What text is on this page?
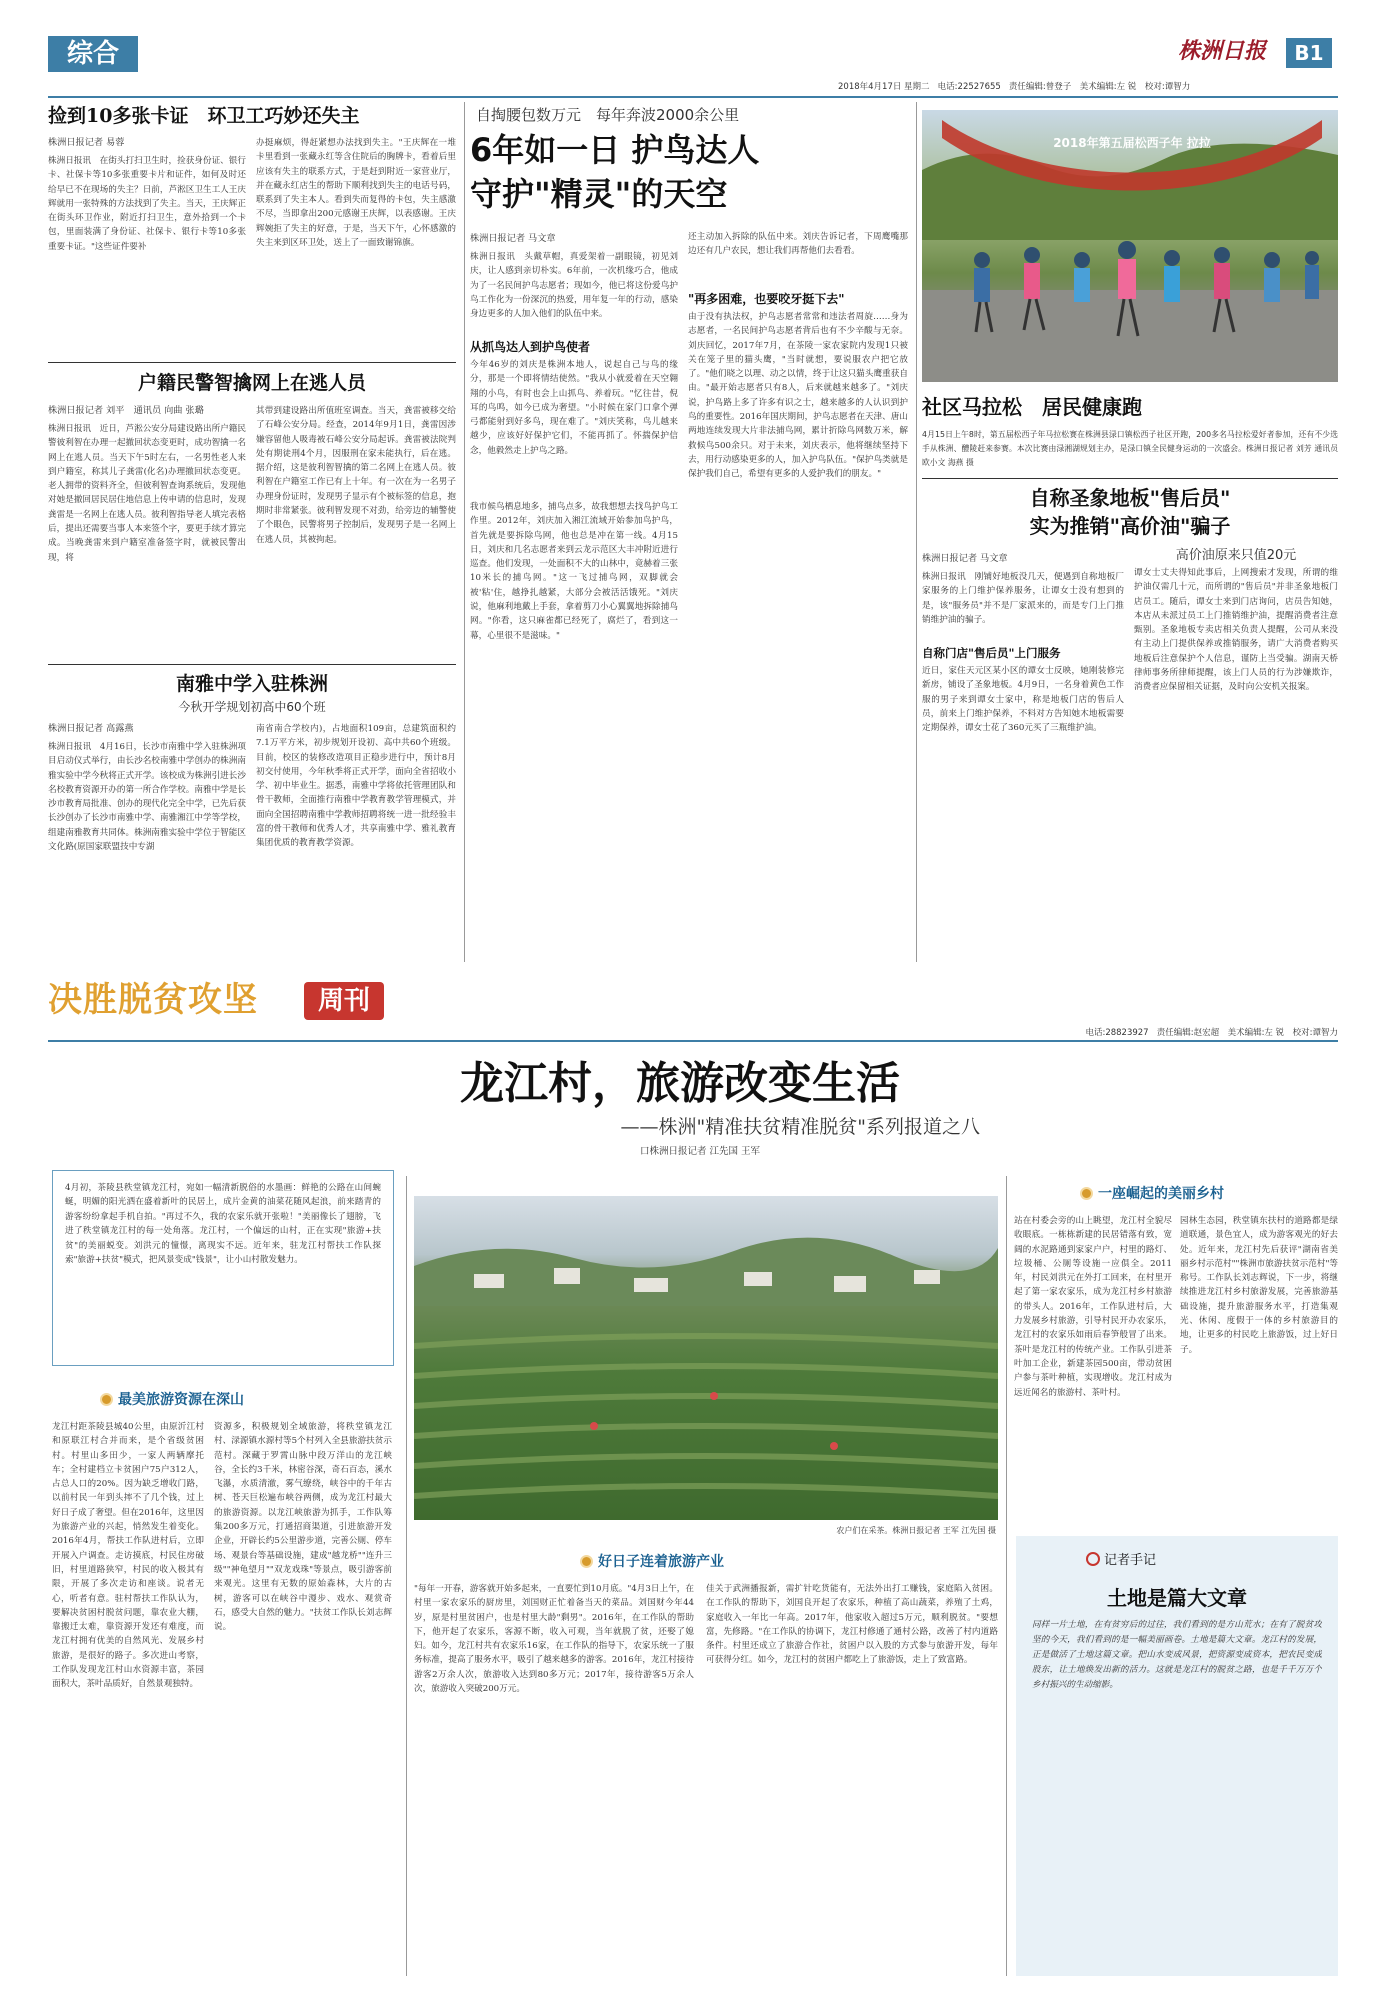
综合	株洲日报	B1
2018年4月17日 星期二 电话:22527655 责任编辑:曾登子　美术编辑:左 锐　校对:谭智力
捡到10多张卡证　环卫工巧妙还失主
株洲日报记者 易蓉
株洲日报讯　在街头打扫卫生时，捡获身份证、银行卡、社保卡等10多张重要卡片和证件，如何及时还给早已不在现场的失主？日前，芦淞区卫生工人王庆辉就用一张特殊的方法找到了失主。当天，王庆辉正在街头环卫作业，附近打扫卫生，意外拾到一个卡包，里面装满了身份证、社保卡、银行卡等10多张重要卡证。"这些证件要补
办挺麻烦，得赶紧想办法找到失主。"王庆辉在一堆卡里看到一张藏永红等含住院后的胸牌卡，看着后里应该有失主的联系方式，于是赶到附近一家营业厅，并在藏永红店生的帮助下顺利找到失主的电话号码，联系到了失主本人。看到失而复得的卡包，失主感激不尽，当即拿出200元感谢王庆辉，以表感谢。王庆辉婉拒了失主的好意，于是，当天下午，心怀感激的失主来到区环卫处，送上了一面致谢锦旗。
户籍民警智擒网上在逃人员
株洲日报记者 刘平　通讯员 向曲 张璐
株洲日报讯　近日，芦淞公安分局建设路出所户籍民警彼利智在办理一起撤回状态变更时，成功智擒一名网上在逃人员。当天下午5时左右，一名男性老人来到户籍室，称其儿子龚雷(化名)办理撤回状态变更。老人拥带的资料齐全，但彼利智查询系统后，发现他对她是撤回居民居住地信息上传申请的信息时，发现龚雷是一名网上在逃人员。彼利智指导老人填完表格后，提出还需要当事人本来签个字，要更手续才算完成。当晚龚雷来到户籍室准备签字时，就被民警出现，将
其带到建设路出所值班室调查。当天，龚雷被移交给了石峰公安分局。经查，2014年9月1日，龚雷因涉嫌容留他人吸毒被石峰公安分局起诉。龚雷被法院判处有期徒刑4个月，因服刑在家未能执行，后在逃。据介绍，这是彼利智智擒的第二名网上在逃人员。彼利智在户籍室工作已有上十年。有一次在为一名男子办理身份证时，发现男子显示有个被标签的信息，抱期时非常紧张。彼利智发现不对劲，给旁边的辅警使了个眼色，民警将男子控制后，发现男子是一名网上在逃人员，其被拘起。
南雅中学入驻株洲
今秋开学规划初高中60个班
株洲日报记者 高露燕
株洲日报讯　4月16日，长沙市南雅中学入驻株洲项目启动仪式举行，由长沙名校南雅中学创办的株洲南雅实验中学今秋将正式开学。该校成为株洲引进长沙名校教育资源开办的第一所合作学校。南雅中学是长沙市教育局批准、创办的现代化完全中学，已先后获长沙创办了长沙市南雅中学、南雅湘江中学等学校，组建南雅教育共同体。株洲南雅实验中学位于智能区文化路(原国家联盟技中专湖
南省南合学校内)，占地面积109亩，总建筑面积约7.1万平方米，初步规划开设初、高中共60个班级。目前，校区的装修改造项目正稳步进行中，预计8月初交付使用，今年秋季将正式开学，面向全省招收小学、初中毕业生。据悉，南雅中学将依托管理团队和骨干教师，全面推行南雅中学教育教学管理模式，并面向全国招聘南雅中学教师招聘将统一进一批经验丰富的骨干教师和优秀人才，共享南雅中学、雅礼教育集团优质的教育教学资源。
自掏腰包数万元　每年奔波2000余公里
6年如一日 护鸟达人
守护"精灵"的天空
株洲日报记者 马文章
株洲日报讯　头戴草帽，真爱架着一副眼镜，初见刘庆，让人感到亲切朴实。6年前，一次机缘巧合，他成为了一名民间护鸟志愿者；现如今，他已将这份爱鸟护鸟工作化为一份深沉的热爱，用年复一年的行动，感染身边更多的人加入他们的队伍中来。
从抓鸟达人到护鸟使者
今年46岁的刘庆是株洲本地人，说起自己与鸟的缘分，那是一个即将情结使然。"我从小就爱着在天空翱翔的小鸟，有时也会上山抓鸟、养着玩。"忆往昔，倪耳的鸟鸣，如今已成为奢望。"小时候在家门口拿个弹弓都能射到好多鸟，现在难了。"刘庆笑称，鸟儿越来越少，应该好好保护它们，不能再抓了。怀揣保护信念，他毅然走上护鸟之路。
我市候鸟栖息地多，捕鸟点多，故我想想去找鸟护鸟工作里。2012年，刘庆加入湘江流域开始参加鸟护鸟，首先就是要拆除鸟网，他也总是冲在第一线。4月15日，刘庆和几名志愿者来到云龙示范区大丰冲附近进行巡查。他们发现，一处面积不大的山林中，竟赫着三张10米长的捕鸟网。"这一飞过捕鸟网，双脚就会被'粘'住，越挣扎越紧，大部分会被活活饿死。"刘庆说，他麻利地戴上手套，拿着剪刀小心翼翼地拆除捕鸟网。"你看，这只麻雀都已经死了，腐烂了，看到这一幕，心里很不是滋味。"
还主动加入拆除的队伍中来。刘庆告诉记者，下周鹰嘴那边还有几户农民，想让我们再帮他们去看看。
"再多困难，也要咬牙挺下去"
由于没有执法权，护鸟志愿者常常和违法者周旋……身为志愿者，一名民间护鸟志愿者背后也有不少辛酸与无奈。刘庆回忆，2017年7月，在茶陵一家农家院内发现1只被关在笼子里的猫头鹰，"当时就想，要说服农户把它放了。"他们晓之以理、动之以情，终于让这只猫头鹰重获自由。"最开始志愿者只有8人，后来就越来越多了。"刘庆说，护鸟路上多了许多有识之士，越来越多的人认识到护鸟的重要性。2016年国庆期间，护鸟志愿者在天津、唐山两地连续发现大片非法捕鸟网，累计折除鸟网数万米，解救候鸟500余只。对于未来，刘庆表示，他将继续坚持下去，用行动感染更多的人，加入护鸟队伍。"保护鸟类就是保护我们自己，希望有更多的人爱护我们的朋友。"
2018年第五届松西子年 拉拉
社区马拉松　居民健康跑
4月15日上午8时，第五届松西子年马拉松赛在株洲县渌口镇松西子社区开跑，200多名马拉松爱好者参加，还有不少选手从株洲、醴陵赶来参赛。本次比赛由渌湘湖规划主办，是渌口镇全民健身运动的一次盛会。株洲日报记者 刘芳 通讯员 欧小文 海燕 摄
自称圣象地板"售后员"
实为推销"高价油"骗子
株洲日报记者 马文章
株洲日报讯　刚铺好地板没几天，便遇到自称地板厂家服务的上门维护保养服务，让谭女士没有想到的是，该"服务员"并不是厂家派来的，而是专门上门推销维护油的骗子。
自称门店"售后员"上门服务
近日，家住天元区某小区的谭女士反映，她刚装修完新房，铺设了圣象地板。4月9日，一名身着黄色工作服的男子来到谭女士家中，称是地板门店的售后人员，前来上门维护保养，不料对方告知她木地板需要定期保养，谭女士花了360元买了三瓶维护油。
高价油原来只值20元
谭女士丈夫得知此事后，上网搜索才发现，所谓的维护油仅需几十元，而所谓的"售后员"并非圣象地板门店员工。随后，谭女士来到门店询问，店员告知她，本店从未派过员工上门推销维护油，提醒消费者注意甄别。圣象地板专卖店相关负责人提醒，公司从来没有主动上门提供保养或推销服务，请广大消费者购买地板后注意保护个人信息，谨防上当受骗。湖南天桥律师事务所律师提醒，该上门人员的行为涉嫌欺诈，消费者应保留相关证据，及时向公安机关报案。
决胜脱贫攻坚	周刊
电话:28823927 责任编辑:赵宏超　美术编辑:左 锐　校对:谭智力
龙江村，旅游改变生活
——株洲"精准扶贫精准脱贫"系列报道之八
口株洲日报记者 江先国 王军
4月初，茶陵县秩堂镇龙江村，宛如一幅清新脱俗的水墨画：鲜艳的公路在山间蜿蜒，明媚的阳光洒在盛着新叶的民居上，成片金黄的油菜花随风起浪，前来踏青的游客纷纷拿起手机自拍。"再过不久，我的农家乐就开张啦！"美丽像长了翅膀，飞进了秩堂镇龙江村的每一处角落。龙江村，一个偏远的山村，正在实现"旅游+扶贫"的美丽蜕变。刘洪元的憧憬，离现实不远。近年来，驻龙江村帮扶工作队探索"旅游+扶贫"模式，把风景变成"钱景"，让小山村散发魅力。
最美旅游资源在深山
龙江村距茶陵县城40公里，由原沂江村和原联江村合并而来，是个省级贫困村。村里山多田少，一家人两辆摩托车；全村建档立卡贫困户75户312人，占总人口的20%。因为缺乏增收门路，以前村民一年到头摔不了几个钱，过上好日子成了奢望。但在2016年，这里因为旅游产业的兴起，悄然发生着变化。2016年4月，帮扶工作队进村后，立即开展入户调查。走访摸底，村民住房破旧，村里道路狭窄，村民的收入极其有限，开展了多次走访和座谈。说者无心，听者有意。驻村帮扶工作队认为，要解决贫困村脱贫问题，靠农业大棚，靠搬迁太难，靠资源开发还有难度，而龙江村拥有优美的自然风光、发展乡村旅游，是很好的路子。多次进山考察，工作队发现龙江村山水资源丰富，茶园面积大，茶叶品质好，自然景观独特。
资源多，积极规划全域旅游，将秩堂镇龙江村、渌源镇水源村等5个村列入全县旅游扶贫示范村。深藏于罗霄山脉中段万洋山的龙江峡谷，全长约3千米，林密谷深，奇石百态，溪水飞瀑，水质清澈，雾气缭绕，峡谷中的千年古树、苍天巨松遍布峡谷两侧，成为龙江村最大的旅游资源。以龙江峡旅游为抓手，工作队筹集200多万元，打通招商渠道，引进旅游开发企业，开辟长约5公里游步道，完善公厕、停车场、观景台等基础设施，建成"越龙桥""连升三级""神龟望月""双龙戏珠"等景点，吸引游客前来观光。这里有无数的原始森林，大片的古树，游客可以在峡谷中漫步、戏水、观赏奇石，感受大自然的魅力。"扶贫工作队长刘志辉说。
农户们在采茶。株洲日报记者 王军 江先国 摄
好日子连着旅游产业
"每年一开春，游客就开始多起来，一直要忙到10月底。"4月3日上午，在村里一家农家乐的厨房里，刘国财正忙着备当天的菜品。刘国财今年44岁，原是村里贫困户，也是村里大龄"剩男"。2016年，在工作队的帮助下，他开起了农家乐，客源不断，收入可观，当年就脱了贫，还娶了媳妇。如今，龙江村共有农家乐16家，在工作队的指导下，农家乐统一了服务标准，提高了服务水平，吸引了越来越多的游客。2016年，龙江村接待游客2万余人次，旅游收入达到80多万元；2017年，接待游客5万余人次，旅游收入突破200万元。
佳关于武洲播报新，需扩针吃货能有，无法外出打工赚钱，家庭陷入贫困。在工作队的帮助下，刘国良开起了农家乐，种植了高山蔬菜，养殖了土鸡，家庭收入一年比一年高。2017年，他家收入超过5万元，顺利脱贫。"要想富，先修路。"在工作队的协调下，龙江村修通了通村公路，改善了村内道路条件。村里还成立了旅游合作社，贫困户以入股的方式参与旅游开发，每年可获得分红。如今，龙江村的贫困户都吃上了旅游饭，走上了致富路。
一座崛起的美丽乡村
站在村委会旁的山上眺望，龙江村全貌尽收眼底。一栋栋新建的民居错落有致，宽阔的水泥路通到家家户户，村里的路灯、垃圾桶、公厕等设施一应俱全。2011年，村民刘洪元在外打工回来，在村里开起了第一家农家乐，成为龙江村乡村旅游的带头人。2016年，工作队进村后，大力发展乡村旅游，引导村民开办农家乐，龙江村的农家乐如雨后春笋般冒了出来。茶叶是龙江村的传统产业。工作队引进茶叶加工企业，新建茶园500亩，带动贫困户参与茶叶种植，实现增收。龙江村成为远近闻名的旅游村、茶叶村。
园林生态园，秩堂镇东扶村的道路都是绿道联通，景色宜人，成为游客观光的好去处。近年来，龙江村先后获评"湖南省美丽乡村示范村""株洲市旅游扶贫示范村"等称号。工作队长刘志辉说，下一步，将继续推进龙江村乡村旅游发展，完善旅游基础设施，提升旅游服务水平，打造集观光、休闲、度假于一体的乡村旅游目的地，让更多的村民吃上旅游饭，过上好日子。
记者手记
土地是篇大文章
同样一片土地，在有贫穷后的过往，我们看到的是方山荒水；在有了脱贫攻坚的今天，我们看到的是一幅美丽画卷。土地是篇大文章。龙江村的发展，正是做活了土地这篇文章。把山水变成风景，把资源变成资本，把农民变成股东，让土地焕发出新的活力。这就是龙江村的脱贫之路，也是千千万万个乡村振兴的生动缩影。
